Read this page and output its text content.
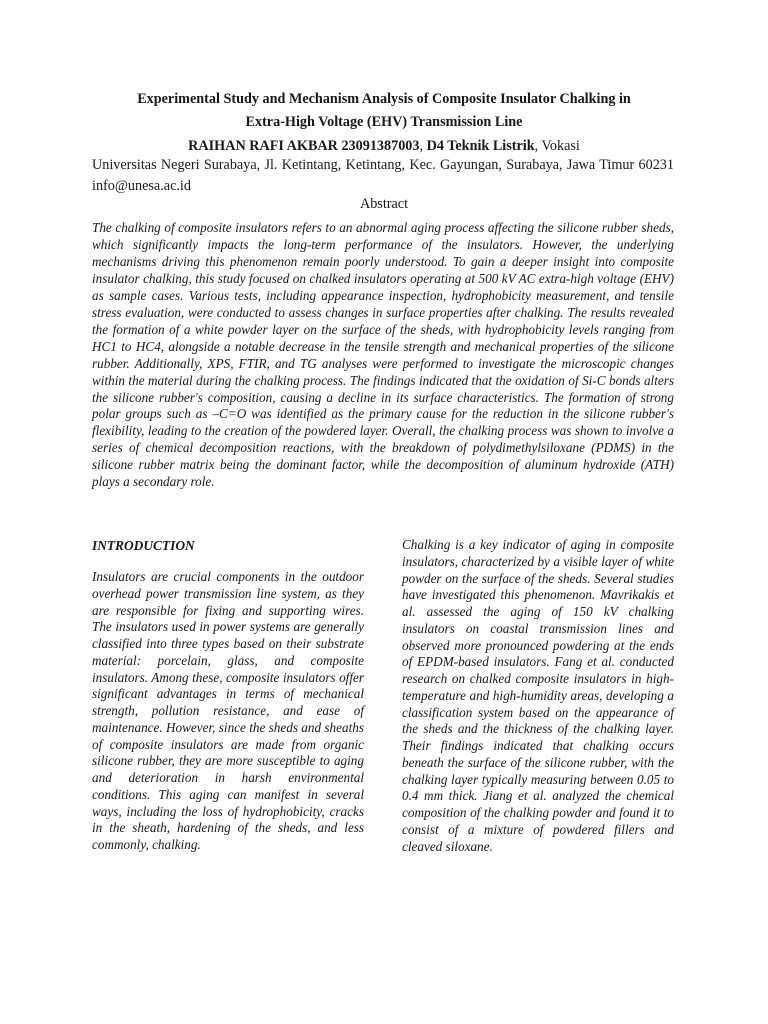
Experimental Study and Mechanism Analysis of Composite Insulator Chalking in
Extra-High Voltage (EHV) Transmission Line
RAIHAN RAFI AKBAR 23091387003, D4 Teknik Listrik, Vokasi
Universitas Negeri Surabaya, Jl. Ketintang, Ketintang, Kec. Gayungan, Surabaya, Jawa Timur 60231 info@unesa.ac.id
Abstract
The chalking of composite insulators refers to an abnormal aging process affecting the silicone rubber sheds, which significantly impacts the long-term performance of the insulators. However, the underlying mechanisms driving this phenomenon remain poorly understood. To gain a deeper insight into composite insulator chalking, this study focused on chalked insulators operating at 500 kV AC extra-high voltage (EHV) as sample cases. Various tests, including appearance inspection, hydrophobicity measurement, and tensile stress evaluation, were conducted to assess changes in surface properties after chalking. The results revealed the formation of a white powder layer on the surface of the sheds, with hydrophobicity levels ranging from HC1 to HC4, alongside a notable decrease in the tensile strength and mechanical properties of the silicone rubber. Additionally, XPS, FTIR, and TG analyses were performed to investigate the microscopic changes within the material during the chalking process. The findings indicated that the oxidation of Si-C bonds alters the silicone rubber's composition, causing a decline in its surface characteristics. The formation of strong polar groups such as –C=O was identified as the primary cause for the reduction in the silicone rubber's flexibility, leading to the creation of the powdered layer. Overall, the chalking process was shown to involve a series of chemical decomposition reactions, with the breakdown of polydimethylsiloxane (PDMS) in the silicone rubber matrix being the dominant factor, while the decomposition of aluminum hydroxide (ATH) plays a secondary role.
INTRODUCTION

Insulators are crucial components in the outdoor overhead power transmission line system, as they are responsible for fixing and supporting wires. The insulators used in power systems are generally classified into three types based on their substrate material: porcelain, glass, and composite insulators. Among these, composite insulators offer significant advantages in terms of mechanical strength, pollution resistance, and ease of maintenance. However, since the sheds and sheaths of composite insulators are made from organic silicone rubber, they are more susceptible to aging and deterioration in harsh environmental conditions. This aging can manifest in several ways, including the loss of hydrophobicity, cracks in the sheath, hardening of the sheds, and less commonly, chalking.

Chalking is a key indicator of aging in composite insulators, characterized by a visible layer of white powder on the surface of the sheds. Several studies have investigated this phenomenon. Mavrikakis et al. assessed the aging of 150 kV chalking insulators on coastal transmission lines and observed more pronounced powdering at the ends of EPDM-based insulators. Fang et al. conducted research on chalked composite insulators in high-temperature and high-humidity areas, developing a classification system based on the appearance of the sheds and the thickness of the chalking layer. Their findings indicated that chalking occurs beneath the surface of the silicone rubber, with the chalking layer typically measuring between 0.05 to 0.4 mm thick. Jiang et al. analyzed the chemical composition of the chalking powder and found it to consist of a mixture of powdered fillers and cleaved siloxane.
